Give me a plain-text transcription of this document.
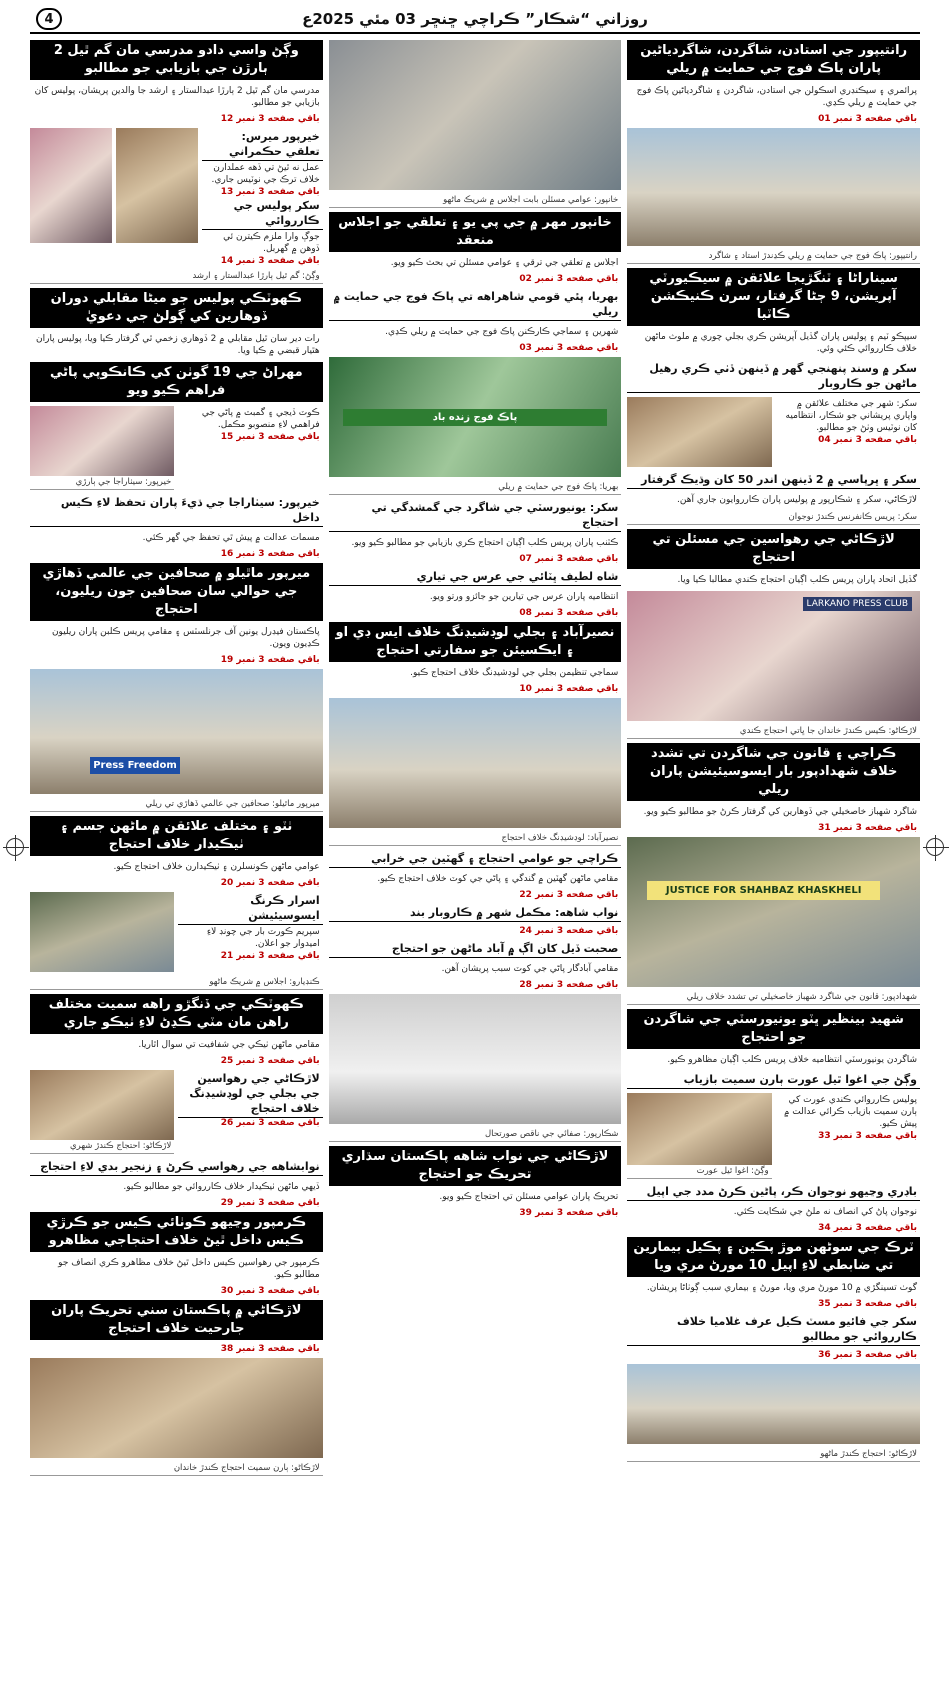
4	روزاني “شڪار” ڪراچي ڇنڇر 03 مئي 2025ع
رانتيپور جي استادن، شاگردن، شاگردياڻين پاران پاڪ فوج جي حمايت ۾ ريلي
پرائمري ۽ سيڪنڊري اسڪولن جي استادن، شاگردن ۽ شاگردياڻين پاڪ فوج جي حمايت ۾ ريلي ڪڍي.
باقي صفحه 3 نمبر 01
رانتيپور: پاڪ فوج جي حمايت ۾ ريلي ڪڍندڙ استاد ۽ شاگرد
سيناراڻا ۽ ٽنگڙيجا علائقن ۾ سيڪيورٽي آپريشن، 9 ڄڻا گرفتار، سرن ڪنيڪشن ڪاٽيا
سيپڪو ٽيم ۽ پوليس پاران گڏيل آپريشن ڪري بجلي چوري ۾ ملوث ماڻهن خلاف ڪارروائي ڪئي وئي.
سکر ۾ وسند پنهنجي گهر ۾ ڏينهن ڏٺي ڪري رهيل ماڻهن جو ڪاروبار
سکر: شهر جي مختلف علائقن ۾ واپاري پريشاني جو شڪار، انتظاميه کان نوٽيس وٺڻ جو مطالبو.
باقي صفحه 3 نمبر 04
سکر ۽ ڀرپاسي ۾ 2 ڏينهن اندر 50 کان وڌيڪ گرفتار
لاڙڪاڻي، سکر ۽ شڪارپور ۾ پوليس پاران ڪارروايون جاري آهن.
سکر: پريس ڪانفرنس ڪندڙ نوجوان
لاڙڪاڻي جي رهواسين جي مسئلن تي احتجاج
گڏيل اتحاد پاران پريس ڪلب اڳيان احتجاج ڪندي مطالبا ڪيا ويا.
LARKANO PRESS CLUB
لاڙڪاڻو: ڪيس ڪندڙ خاندان جا ڀاتي احتجاج ڪندي
ڪراچي ۽ قانون جي شاگردن تي تشدد خلاف شهدادپور بار ايسوسيئيشن پاران ريلي
شاگرد شهباز خاصخيلي جي ڏوهارين کي گرفتار ڪرڻ جو مطالبو ڪيو ويو.
باقي صفحه 3 نمبر 31
JUSTICE FOR SHAHBAZ KHASKHELI
شهدادپور: قانون جي شاگرد شهباز خاصخيلي تي تشدد خلاف ريلي
شهيد بينظير ڀٽو يونيورسٽي جي شاگردن جو احتجاج
شاگردن يونيورسٽي انتظاميه خلاف پريس ڪلب اڳيان مظاهرو ڪيو.
وڳڻ جي اغوا ٿيل عورت ٻارن سميت بازياب
پوليس ڪارروائي ڪندي عورت کي ٻارن سميت بازياب ڪرائي عدالت ۾ پيش ڪيو.
باقي صفحه 3 نمبر 33
وڳڻ: اغوا ٿيل عورت
باڊري وڃيهو نوجوان ڪر، پاڻين ڪرڻ مدد جي اپيل
نوجوان پاڻ کي انصاف نه ملڻ جي شڪايت ڪئي.
باقي صفحه 3 نمبر 34
ٽرڪ جي سوڻهن موڙ پڪين ۽ پڪيل بيمارين تي ضابطي لاءِ اپيل 10 مورڻ مري ويا
گوٺ تسينگڙي ۾ 10 مورڻ مري ويا، مورڻ ۽ بيماري سبب ڳوٺاڻا پريشان.
باقي صفحه 3 نمبر 35
سکر جي فائيو مسٽ ڪيل عرف غلاميا خلاف ڪارروائي جو مطالبو
باقي صفحه 3 نمبر 36
لاڙڪاڻو: احتجاج ڪندڙ ماڻهو
خانپور: عوامي مسئلن بابت اجلاس ۾ شريڪ ماڻهو
خانپور مهر ۾ جي پي يو ۽ تعلقي جو اجلاس منعقد
اجلاس ۾ تعلقي جي ترقي ۽ عوامي مسئلن تي بحث ڪيو ويو.
باقي صفحه 3 نمبر 02
بهريا، پئي قومي شاهراهه تي پاڪ فوج جي حمايت ۾ ريلي
شهرين ۽ سماجي ڪارڪنن پاڪ فوج جي حمايت ۾ ريلي ڪڍي.
باقي صفحه 3 نمبر 03
پاڪ فوج زنده باد
بهريا: پاڪ فوج جي حمايت ۾ ريلي
سکر: يونيورسٽي جي شاگرد جي گمشدگي تي احتجاج
ڪٽنب پاران پريس ڪلب اڳيان احتجاج ڪري بازيابي جو مطالبو ڪيو ويو.
باقي صفحه 3 نمبر 07
شاه لطيف ڀٽائي جي عرس جي تياري
انتظاميه پاران عرس جي تيارين جو جائزو ورتو ويو.
باقي صفحه 3 نمبر 08
نصيرآباد ۽ بجلي لوڊشيڊنگ خلاف ايس ڊي او ۽ ايڪسيئن جو سفارتي احتجاج
سماجي تنظيمن بجلي جي لوڊشيڊنگ خلاف احتجاج ڪيو.
باقي صفحه 3 نمبر 10
نصيرآباد: لوڊشيڊنگ خلاف احتجاج
ڪراچي جو عوامي احتجاج ۽ گهٽين جي خرابي
مقامي ماڻهن گهٽين ۾ گندگي ۽ پاڻي جي کوٽ خلاف احتجاج ڪيو.
باقي صفحه 3 نمبر 22
نواب شاهه: مڪمل شهر ۾ ڪاروبار بند
باقي صفحه 3 نمبر 24
صحبت ڏيل کان اڳ ۾ آباد ماڻهن جو احتجاج
مقامي آبادگار پاڻي جي کوٽ سبب پريشان آهن.
باقي صفحه 3 نمبر 28
شڪارپور: صفائي جي ناقص صورتحال
لاڙڪاڻي جي نواب شاهه پاڪستان سڌاري تحريڪ جو احتجاج
تحريڪ پاران عوامي مسئلن تي احتجاج ڪيو ويو.
باقي صفحه 3 نمبر 39
وڳڻ واسي دادو مدرسي مان گم ٿيل 2 ٻارڙن جي بازيابي جو مطالبو
مدرسي مان گم ٿيل 2 ٻارڙا عبدالستار ۽ ارشد جا والدين پريشان، پوليس کان بازيابي جو مطالبو.
باقي صفحه 3 نمبر 12
خيرپور ميرس: تعلقي حڪمراني
عمل نه ٿيڻ تي ڏهه عملدارن خلاف ترڪ جي نوٽيس جاري.
باقي صفحه 3 نمبر 13
سکر پوليس جي ڪارروائي
جوڳ وارا ملزم ڪيترن ئي ڏوهن ۾ گهربل.
باقي صفحه 3 نمبر 14
وڳڻ: گم ٿيل ٻارڙا عبدالستار ۽ ارشد
ڪهوٽڪي پوليس جو ميڻا مقابلي دوران ڏوهارين کي ڳولڻ جي دعويٰ
رات دير سان ٿيل مقابلي ۾ 2 ڏوهاري زخمي ٿي گرفتار ڪيا ويا، پوليس پاران هٿيار قبضي ۾ ڪيا ويا.
مهراڻ جي 19 گوٺن کي ڪانڪوپي پاڻي فراهم ڪيو ويو
ڪوٽ ڏيجي ۽ گمبٽ ۾ پاڻي جي فراهمي لاءِ منصوبو مڪمل.
باقي صفحه 3 نمبر 15
خيرپور: سيٺاراجا جي ٻارڙي
خيرپور: سيٺاراجا جي ڌيءَ پاران تحفظ لاءِ ڪيس داخل
مسمات عدالت ۾ پيش ٿي تحفظ جي گهر ڪئي.
باقي صفحه 3 نمبر 16
ميرپور ماٿيلو ۾ صحافين جي عالمي ڏهاڙي جي حوالي سان صحافين جون ريليون، احتجاج
پاڪستان فيڊرل يونين آف جرنلسٽس ۽ مقامي پريس ڪلبن پاران ريليون ڪڍيون ويون.
باقي صفحه 3 نمبر 19
Press Freedom
ميرپور ماٿيلو: صحافين جي عالمي ڏهاڙي تي ريلي
ٺٽو ۽ مختلف علائقن ۾ ماڻهن جسم ۽ ٺيڪيدار خلاف احتجاج
عوامي ماڻهن ڪونسلرن ۽ ٺيڪيدارن خلاف احتجاج ڪيو.
باقي صفحه 3 نمبر 20
اسرار ڪرنگ ايسوسيئيشن
سپريم ڪورٽ بار جي چونڊ لاءِ اميدوار جو اعلان.
باقي صفحه 3 نمبر 21
ڪنڊيارو: اجلاس ۾ شريڪ ماڻهو
ڪهوٽڪي جي ڏنگڙو راهه سميت مختلف راهن مان مٽي ڪڍڻ لاءِ ٺيڪو جاري
مقامي ماڻهن ٺيڪي جي شفافيت تي سوال اٿاريا.
باقي صفحه 3 نمبر 25
لاڙڪاڻي جي رهواسين جي بجلي جي لوڊشيڊنگ خلاف احتجاج
باقي صفحه 3 نمبر 26
لاڙڪاڻو: احتجاج ڪندڙ شهري
نوابشاهه جي رهواسي ڪرڻ ۽ زنجير بدي لاءِ احتجاج
ڏيهي ماڻهن ٺيڪيدار خلاف ڪارروائي جو مطالبو ڪيو.
باقي صفحه 3 نمبر 29
ڪرمپور وڃيهو ڪوٺائي ڪيس جو ڪرڙي ڪيس داخل ٿيڻ خلاف احتجاجي مظاهرو
ڪرمپور جي رهواسين ڪيس داخل ٿيڻ خلاف مظاهرو ڪري انصاف جو مطالبو ڪيو.
باقي صفحه 3 نمبر 30
لاڙڪاڻي ۾ پاڪستان سني تحريڪ پاران جارحيت خلاف احتجاج
باقي صفحه 3 نمبر 38
لاڙڪاڻو: ٻارن سميت احتجاج ڪندڙ خاندان
